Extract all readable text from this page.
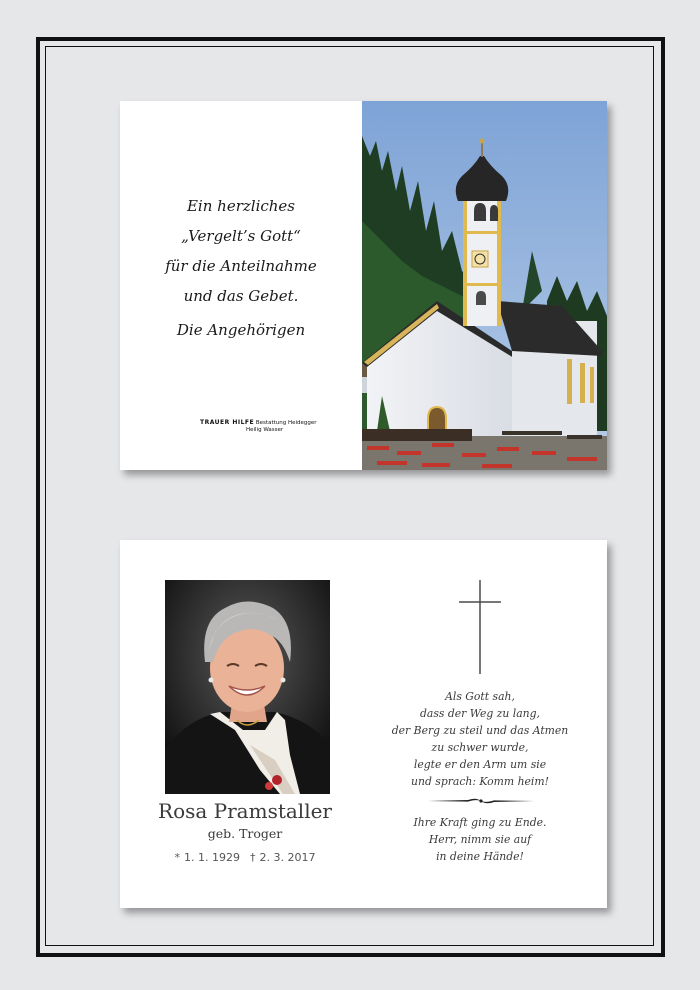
Ein herzliches
„Vergelt’s Gott“
für die Anteilnahme
und das Gebet.
Die Angehörigen
TRAUER HILFE Bestattung Heidegger
Heilig Wasser
Rosa Pramstaller
geb. Troger
* 1. 1. 1929 † 2. 3. 2017
Als Gott sah,
dass der Weg zu lang,
der Berg zu steil und das Atmen
zu schwer wurde,
legte er den Arm um sie
und sprach: Komm heim!
Ihre Kraft ging zu Ende.
Herr, nimm sie auf
in deine Hände!
